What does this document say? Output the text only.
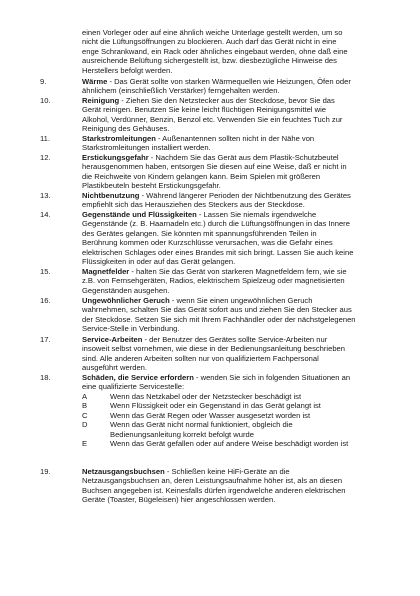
einen Vorleger oder auf eine ähnlich weiche Unterlage gestellt werden, um so
nicht die Lüftungsöffnungen zu blockieren. Auch darf das Gerät nicht in eine
enge Schrankwand, ein Rack oder ähnliches eingebaut werden, ohne daß eine
ausreichende Belüftung sichergestellt ist, bzw. diesbezügliche Hinweise des
Herstellers befolgt werden.
9.	Wärme - Das Gerät sollte von starken Wärmequellen wie Heizungen, Öfen oder
ähnlichem (einschließlich Verstärker) ferngehalten werden.
10.	Reinigung - Ziehen Sie den Netzstecker aus der Steckdose, bevor Sie das
Gerät reinigen. Benutzen Sie keine leicht flüchtigen Reinigungsmittel wie
Alkohol, Verdünner, Benzin, Benzol etc. Verwenden Sie ein feuchtes Tuch zur
Reinigung des Gehäuses.
11.	Starkstromleitungen - Außenantennen sollten nicht in der Nähe von
Starkstromleitungen installiert werden.
12.	Erstickungsgefahr - Nachdem Sie das Gerät aus dem Plastik-Schutzbeutel
herausgenommen haben, entsorgen Sie diesen auf eine Weise, daß er nicht in
die Reichweite von Kindern gelangen kann. Beim Spielen mit größeren
Plastikbeuteln besteht Erstickungsgefahr.
13.	Nichtbenutzung - Während längerer Perioden der Nichtbenutzung des Gerätes
empfiehlt sich das Herausziehen des Steckers aus der Steckdose.
14.	Gegenstände und Flüssigkeiten - Lassen Sie niemals irgendwelche
Gegenstände (z. B. Haarnadeln etc.) durch die Lüftungsöffnungen in das Innere
des Gerätes gelangen. Sie könnten mit spannungsführenden Teilen in
Berührung kommen oder Kurzschlüsse verursachen, was die Gefahr eines
elektrischen Schlages oder eines Brandes mit sich bringt. Lassen Sie auch keine
Flüssigkeiten in oder auf das Gerät gelangen.
15.	Magnetfelder - halten Sie das Gerät von starkeren Magnetfeldern fern, wie sie
z.B. von Fernsehgeräten, Radios, elektrischem Spielzeug oder magnetisierten
Gegenständen ausgehen.
16.	Ungewöhnlicher Geruch - wenn Sie einen ungewöhnlichen Geruch
wahrnehmen, schalten Sie das Gerät sofort aus und ziehen Sie den Stecker aus
der Steckdose. Setzen Sie sich mit Ihrem Fachhändler oder der nächstgelegenen
Service-Stelle in Verbindung.
17.	Service-Arbeiten - der Benutzer des Gerätes sollte Service-Arbeiten nur
insoweit selbst vornehmen, wie diese in der Bedienungsanleitung beschrieben
sind. Alle anderen Arbeiten sollten nur von qualifiziertem Fachpersonal
ausgeführt werden.
18.	Schäden, die Service erfordern - wenden Sie sich in folgenden Situationen an
eine qualifizierte Servicestelle:
A	Wenn das Netzkabel oder der Netzstecker beschädigt ist
B	Wenn Flüssigkeit oder ein Gegenstand in das Gerät gelangt ist
C	Wenn das Gerät Regen oder Wasser ausgesetzt worden ist
D	Wenn das Gerät nicht normal funktioniert, obgleich die
Bedienungsanleitung korrekt befolgt wurde
E	Wenn das Gerät gefallen oder auf andere Weise beschädigt worden ist
19.	Netzausgangsbuchsen - Schließen keine HiFi-Geräte an die
Netzausgangsbuchsen an, deren Leistungsaufnahme höher ist, als an diesen
Buchsen angegeben ist. Keinesfalls dürfen irgendwelche anderen elektrischen
Geräte (Toaster, Bügeleisen) hier angeschlossen werden.
